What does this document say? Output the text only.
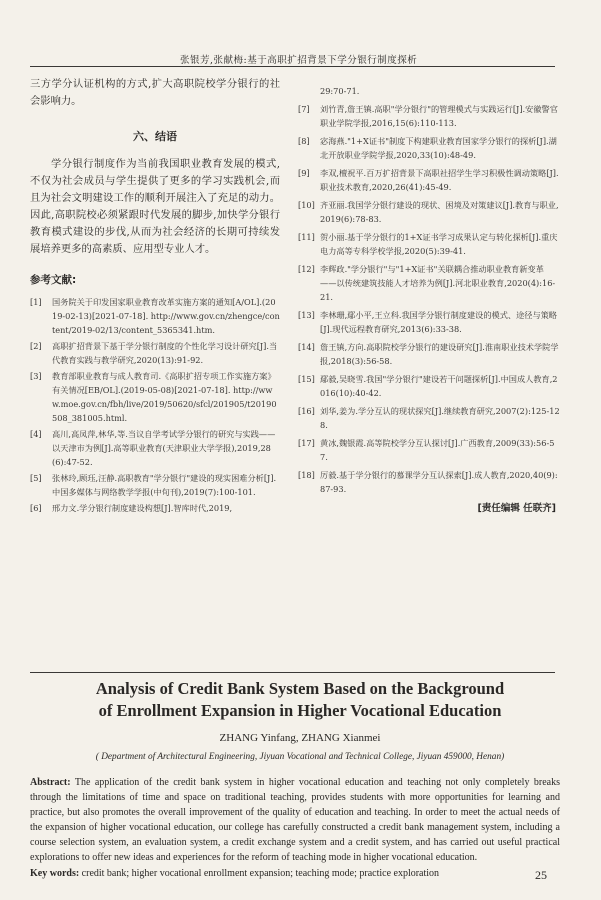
张银芳,张献梅:基于高职扩招背景下学分银行制度探析

三方学分认证机构的方式,扩大高职院校学分银行的社会影响力。

六、结语

学分银行制度作为当前我国职业教育发展的模式,不仅为社会成员与学生提供了更多的学习实践机会,而且为社会文明建设工作的顺利开展注入了充足的动力。因此,高职院校必须紧跟时代发展的脚步,加快学分银行教育模式建设的步伐,从而为社会经济的长期可持续发展培养更多的高素质、应用型专业人才。

参考文献:
[1]	国务院关于印发国家职业教育改革实施方案的通知[A/OL].(2019-02-13)[2021-07-18]. http://www.gov.cn/zhengce/content/2019-02/13/content_5365341.htm.
[2]	高职扩招背景下基于学分银行制度的个性化学习设计研究[J].当代教育实践与教学研究,2020(13):91-92.
[3]	教育部职业教育与成人教育司.《高职扩招专项工作实施方案》有关情况[EB/OL].(2019-05-08)[2021-07-18]. http://www.moe.gov.cn/fbh/live/2019/50620/sfcl/201905/t20190508_381005.html.
[4]	高川,高凤萍,林华,等.当议自学考试学分银行的研究与实践——以天津市为例[J].高等职业教育(天津职业大学学报),2019,28(6):47-52.
[5]	张林玲,顾珏,汪静.高职教育"学分银行"建设的现实困难分析[J].中国多媒体与网络教学学报(中旬刊),2019(7):100-101.
[6]	邢力文.学分银行制度建设构想[J].智库时代,2019,
29:70-71.
[7]	刘竹青,詹王镇.高职"学分银行"的管理模式与实践运行[J].安徽警官职业学院学报,2016,15(6):110-113.
[8]	宓海燕."1+X证书"制度下构建职业教育国家学分银行的探析[J].湖北开放职业学院学报,2020,33(10):48-49.
[9]	李双,檀祝平.百万扩招背景下高职社招学生学习积极性调动策略[J].职业技术教育,2020,26(41):45-49.
[10] 齐亚丽.我国学分银行建设的现状、困境及对策建议[J].教育与职业,2019(6):78-83.
[11] 贺小丽.基于学分银行的1+X证书学习成果认定与转化探析[J].重庆电力高等专科学校学报,2020(5):39-41.
[12] 李辉政."学分银行"与"1+X证书"关联耦合推动职业教育新变革——以传统建筑技能人才培养为例[J].河北职业教育,2020(4):16-21.
[13] 李林珊,鄢小平,王立科.我国学分银行制度建设的模式、途径与策略[J].现代远程教育研究,2013(6):33-38.
[14] 詹王镇,方向.高职院校学分银行的建设研究[J].淮南职业技术学院学报,2018(3):56-58.
[15] 鄢毅,吴晓雪.我国"学分银行"建设若干问题探析[J].中国成人教育,2016(10):40-42.
[16] 刘华,姜为.学分互认的现状探究[J].继续教育研究,2007(2):125-128.
[17] 黄冰,魏银霞.高等院校学分互认探讨[J].广西教育,2009(33):56-57.
[18] 厉毅.基于学分银行的慕课学分互认探索[J].成人教育,2020,40(9):87-93.
[责任编辑 任联齐]
Analysis of Credit Bank System Based on the Background
of Enrollment Expansion in Higher Vocational Education
ZHANG Yinfang, ZHANG Xianmei
( Department of Architectural Engineering, Jiyuan Vocational and Technical College, Jiyuan 459000, Henan)
Abstract: The application of the credit bank system in higher vocational education and teaching not only completely breaks through the limitations of time and space on traditional teaching, provides students with more opportunities for learning and practice, but also promotes the overall improvement of the quality of education and teaching. In order to meet the actual needs of the expansion of higher vocational education, our college has carefully constructed a credit bank management system, including a course selection system, an evaluation system, a credit exchange system and a credit system, and has carried out useful practical explorations to offer new ideas and experiences for the reform of teaching mode in higher vocational education.
Key words: credit bank; higher vocational enrollment expansion; teaching mode; practice exploration	25
